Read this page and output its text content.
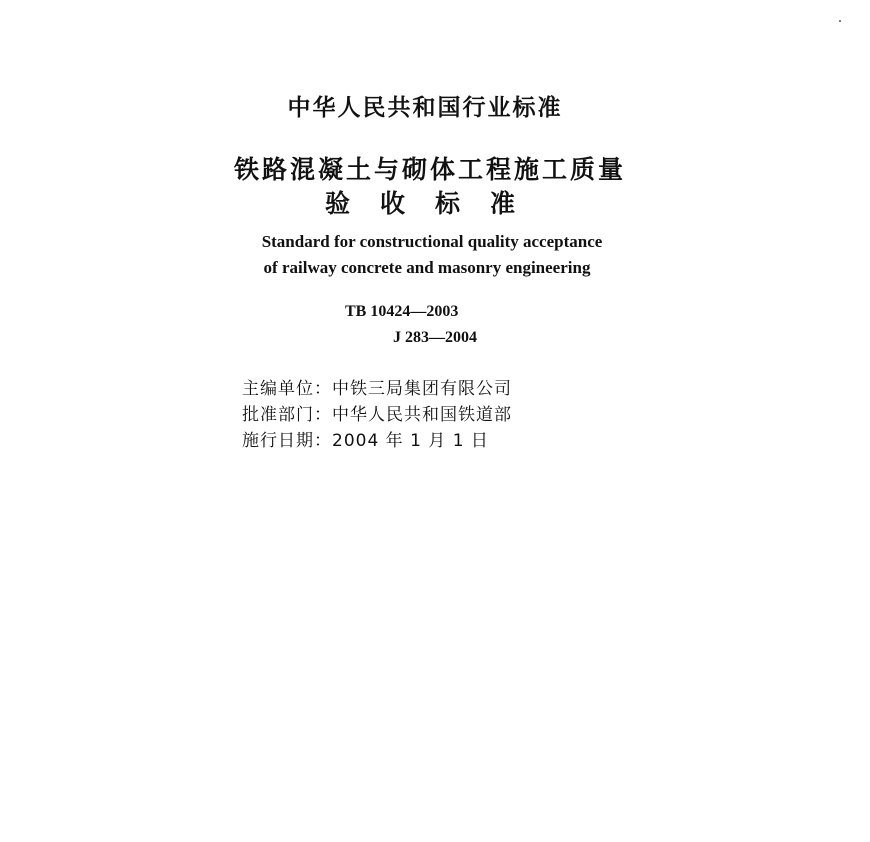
中华人民共和国行业标准
铁路混凝土与砌体工程施工质量
验收标准
Standard for constructional quality acceptance
of railway concrete and masonry engineering
TB 10424—2003
J 283—2004
主编单位：中铁三局集团有限公司
批准部门：中华人民共和国铁道部
施行日期：2004 年 1 月 1 日
